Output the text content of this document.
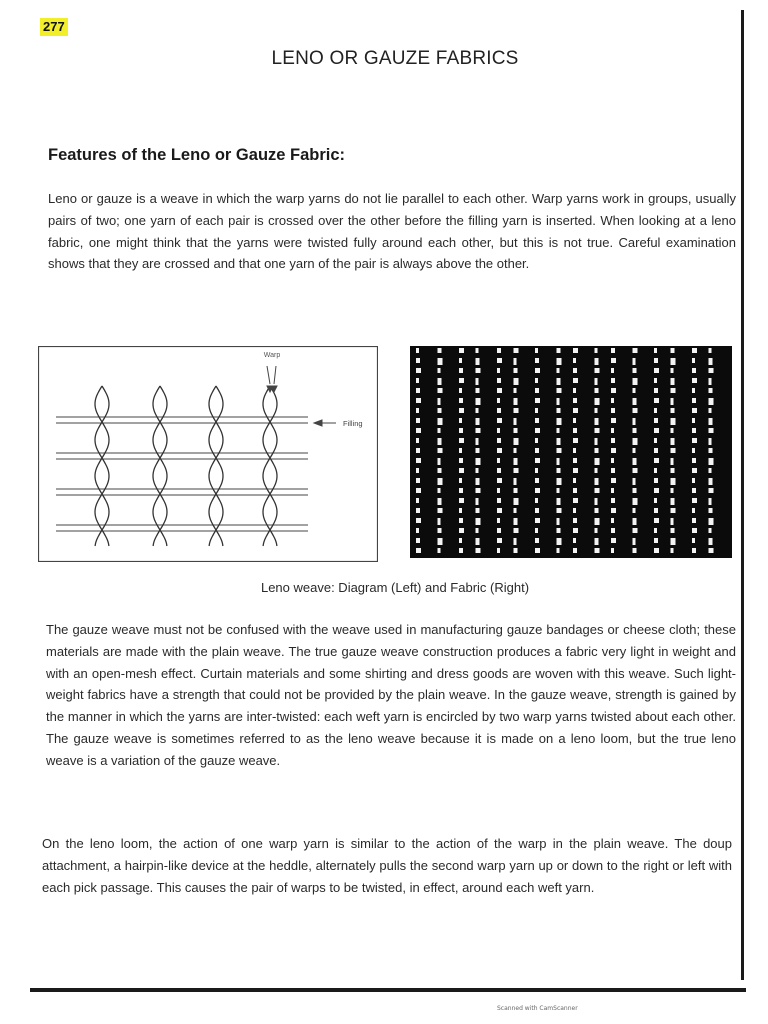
277
LENO OR GAUZE FABRICS
Features of the Leno or Gauze Fabric:

Leno or gauze is a weave in which the warp yarns do not lie parallel to each other. Warp yarns work in groups, usually pairs of two; one yarn of each pair is crossed over the other before the filling yarn is inserted. When looking at a leno fabric, one might think that the yarns were twisted fully around each other, but this is not true. Careful examination shows that they are crossed and that one yarn of the pair is always above the other.

Warp
Filling
Leno weave: Diagram (Left) and Fabric (Right)

The gauze weave must not be confused with the weave used in manufacturing gauze bandages or cheese cloth; these materials are made with the plain weave. The true gauze weave construction produces a fabric very light in weight and with an open-mesh effect. Curtain materials and some shirting and dress goods are woven with this weave. Such light-weight fabrics have a strength that could not be provided by the plain weave. In the gauze weave, strength is gained by the manner in which the yarns are inter-twisted: each weft yarn is encircled by two warp yarns twisted about each other. The gauze weave is sometimes referred to as the leno weave because it is made on a leno loom, but the true leno weave is a variation of the gauze weave.

On the leno loom, the action of one warp yarn is similar to the action of the warp in the plain weave. The doup attachment, a hairpin-like device at the heddle, alternately pulls the second warp yarn up or down to the right or left with each pick passage. This causes the pair of warps to be twisted, in effect, around each weft yarn.

Scanned with CamScanner
